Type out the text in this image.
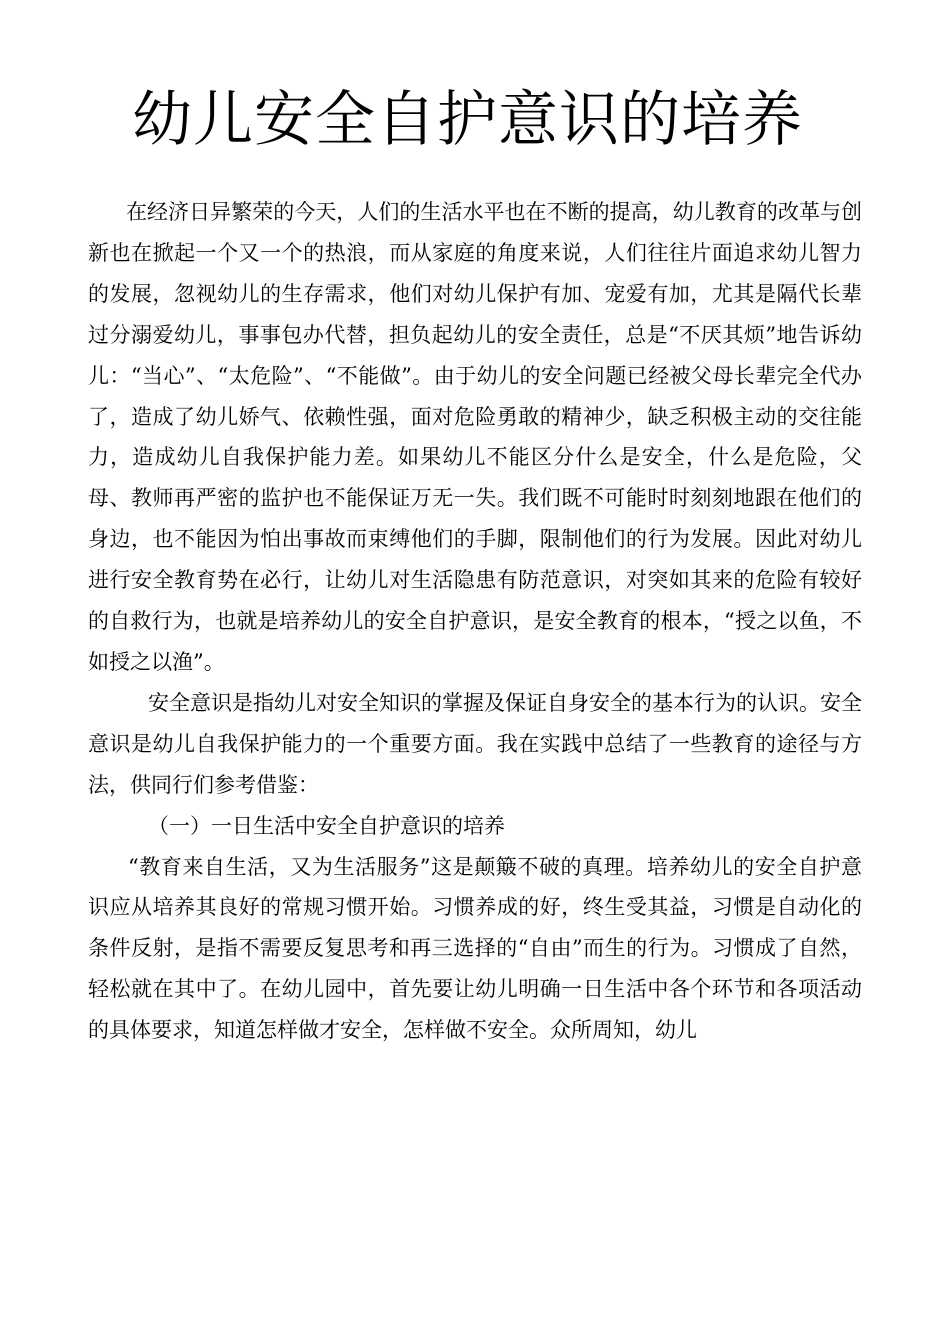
幼儿安全自护意识的培养

在经济日异繁荣的今天，人们的生活水平也在不断的提高，幼儿教育的改革与创新也在掀起一个又一个的热浪，而从家庭的角度来说，人们往往片面追求幼儿智力的发展，忽视幼儿的生存需求，他们对幼儿保护有加、宠爱有加，尤其是隔代长辈过分溺爱幼儿，事事包办代替，担负起幼儿的安全责任，总是“不厌其烦”地告诉幼儿：“当心”、“太危险”、“不能做”。由于幼儿的安全问题已经被父母长辈完全代办了，造成了幼儿娇气、依赖性强，面对危险勇敢的精神少，缺乏积极主动的交往能力，造成幼儿自我保护能力差。如果幼儿不能区分什么是安全，什么是危险，父母、教师再严密的监护也不能保证万无一失。我们既不可能时时刻刻地跟在他们的身边，也不能因为怕出事故而束缚他们的手脚，限制他们的行为发展。因此对幼儿进行安全教育势在必行，让幼儿对生活隐患有防范意识，对突如其来的危险有较好的自救行为，也就是培养幼儿的安全自护意识，是安全教育的根本，“授之以鱼，不如授之以渔”。

安全意识是指幼儿对安全知识的掌握及保证自身安全的基本行为的认识。安全意识是幼儿自我保护能力的一个重要方面。我在实践中总结了一些教育的途径与方法，供同行们参考借鉴：

（一）一日生活中安全自护意识的培养

“教育来自生活，又为生活服务”这是颠簸不破的真理。培养幼儿的安全自护意识应从培养其良好的常规习惯开始。习惯养成的好，终生受其益，习惯是自动化的条件反射，是指不需要反复思考和再三选择的“自由”而生的行为。习惯成了自然，轻松就在其中了。在幼儿园中，首先要让幼儿明确一日生活中各个环节和各项活动的具体要求，知道怎样做才安全，怎样做不安全。众所周知，幼儿
